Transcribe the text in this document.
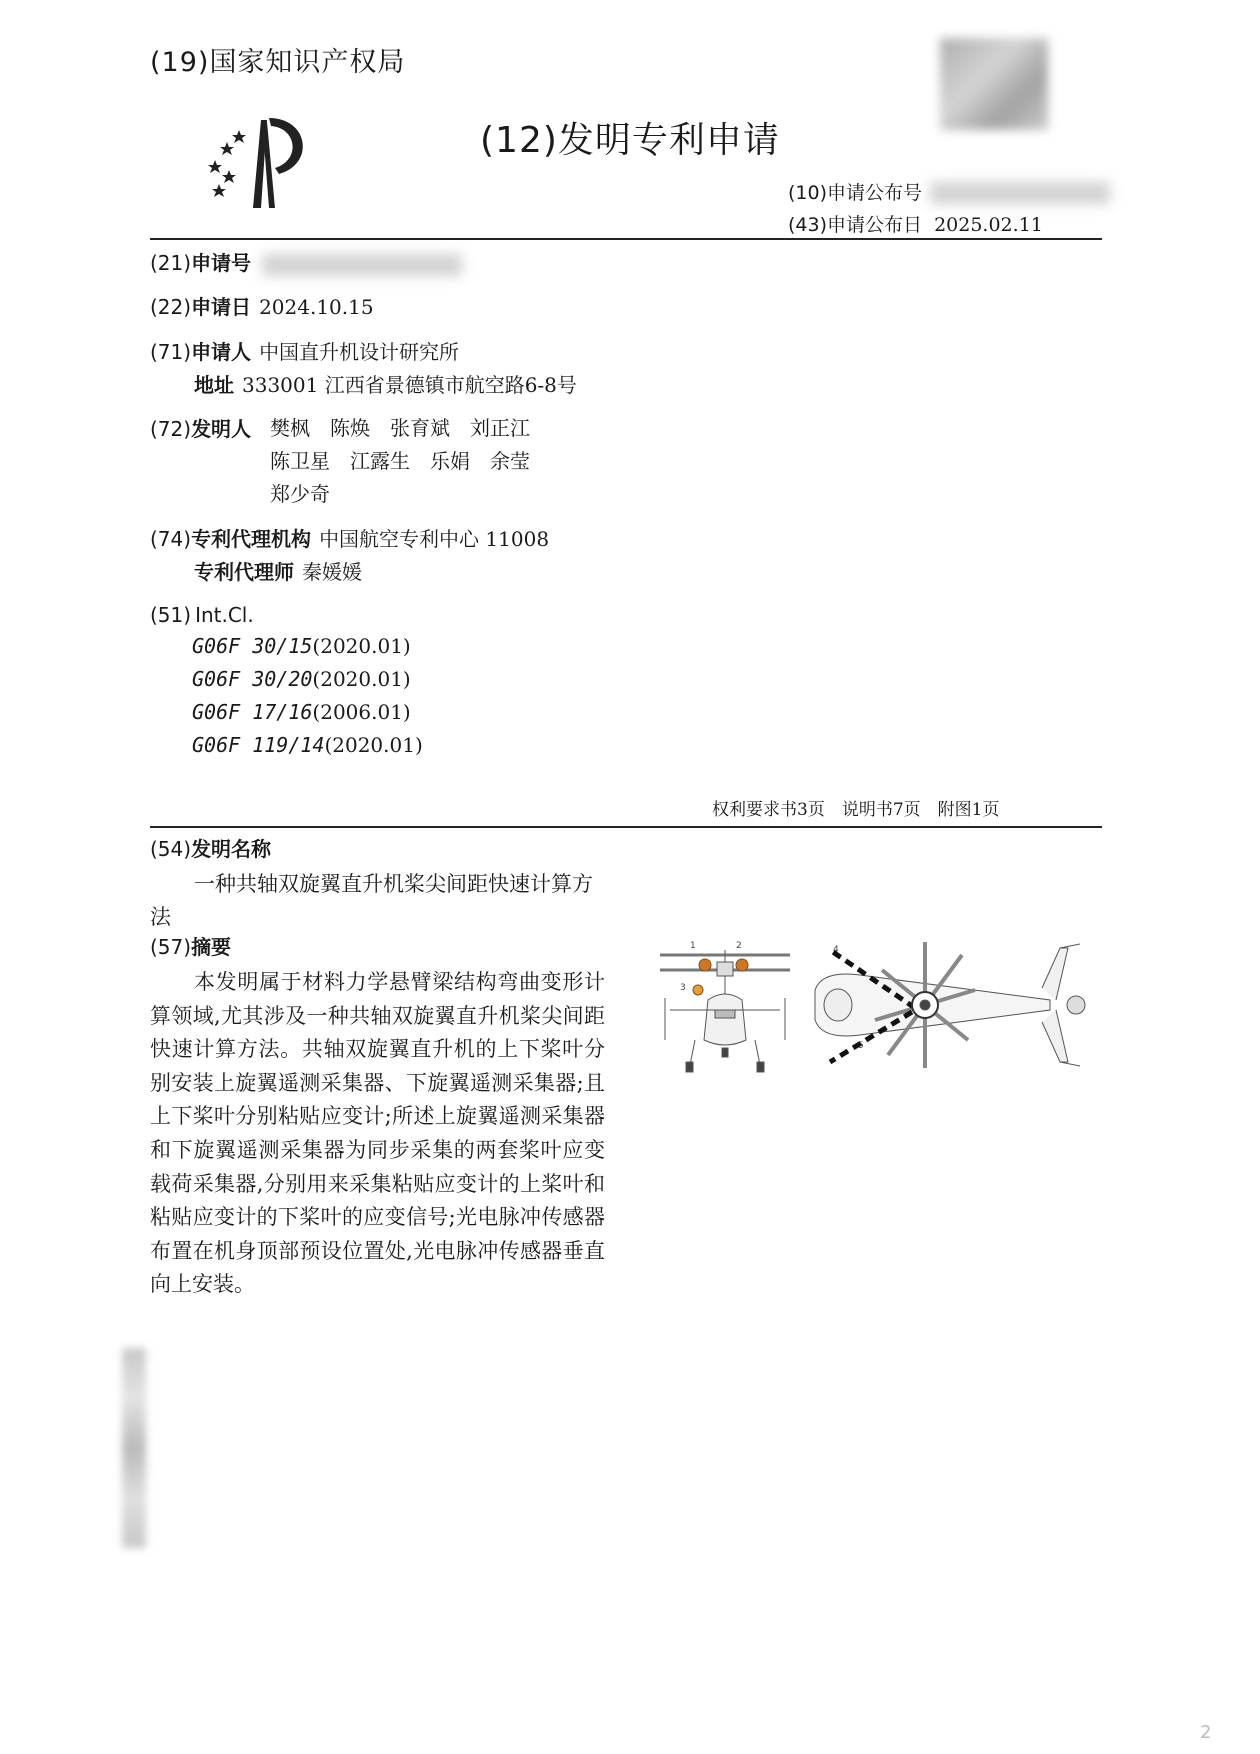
(19)国家知识产权局
(12)发明专利申请
(10)申请公布号
(43)申请公布日 2025.02.11
(21)申请号
(22)申请日 2024.10.15
(71)申请人 中国直升机设计研究所
地址 333001 江西省景德镇市航空路6-8号
(72)发明人 樊枫　陈焕　张育斌　刘正江
陈卫星　江露生　乐娟　余莹
郑少奇
(74)专利代理机构 中国航空专利中心 11008
专利代理师 秦媛媛
(51) Int.Cl.
G06F 30/15(2020.01)
G06F 30/20(2020.01)
G06F 17/16(2006.01)
G06F 119/14(2020.01)
权利要求书3页　说明书7页　附图1页
(54)发明名称
一种共轴双旋翼直升机桨尖间距快速计算方法
(57)摘要
本发明属于材料力学悬臂梁结构弯曲变形计算领域,尤其涉及一种共轴双旋翼直升机桨尖间距快速计算方法。共轴双旋翼直升机的上下桨叶分别安装上旋翼遥测采集器、下旋翼遥测采集器;且上下桨叶分别粘贴应变计;所述上旋翼遥测采集器和下旋翼遥测采集器为同步采集的两套桨叶应变载荷采集器,分别用来采集粘贴应变计的上桨叶和粘贴应变计的下桨叶的应变信号;光电脉冲传感器布置在机身顶部预设位置处,光电脉冲传感器垂直向上安装。
1	2
3
4
5
2
